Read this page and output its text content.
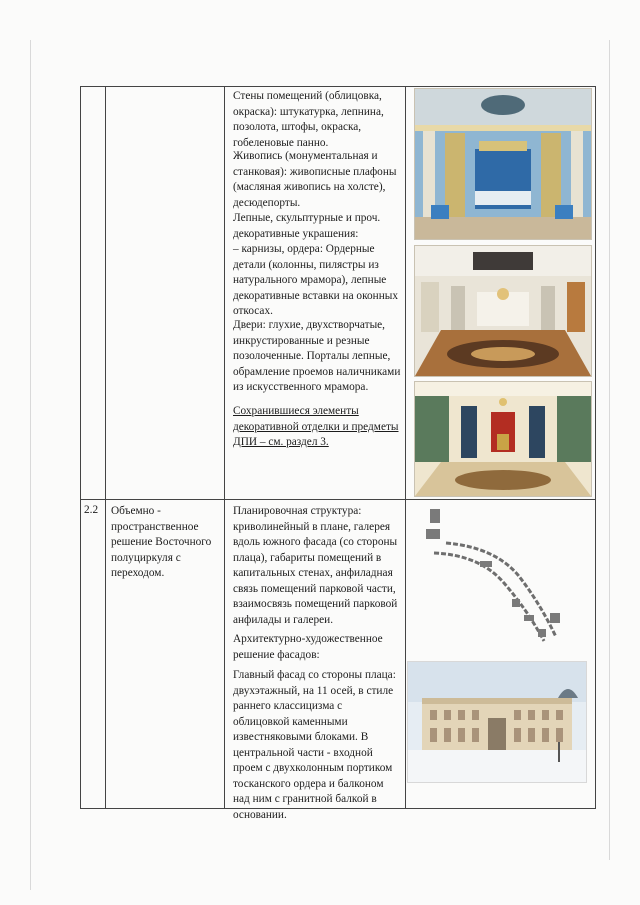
Стены помещений (облицовка, окраска): штукатурка, лепнина, позолота, штофы, окраска, гобеленовые панно.

Живопись (монументальная и станковая): живописные плафоны (масляная живопись на холсте), десюдепорты.

Лепные, скульптурные и проч. декоративные украшения:

– карнизы, ордера: Ордерные детали (колонны, пилястры из натурального мрамора), лепные декоративные вставки на оконных откосах.

Двери: глухие, двухстворчатые, инкрустированные и резные позолоченные. Порталы лепные, обрамление проемов наличниками из искусственного мрамора.

Сохранившиеся элементы декоративной отделки и предметы ДПИ – см. раздел 3.

2.2 Объемно - пространственное решение Восточного полуциркуля с переходом.

Планировочная структура: криволинейный в плане, галерея вдоль южного фасада (со стороны плаца), габариты помещений в капитальных стенах, анфиладная связь помещений парковой части, взаимосвязь помещений парковой анфилады и галереи.

Архитектурно-художественное решение фасадов:

Главный фасад со стороны плаца: двухэтажный, на 11 осей, в стиле раннего классицизма с облицовкой каменными известняковыми блоками. В центральной части - входной проем с двухколонным портиком тосканского ордера и балконом над ним с гранитной балкой в основании.
